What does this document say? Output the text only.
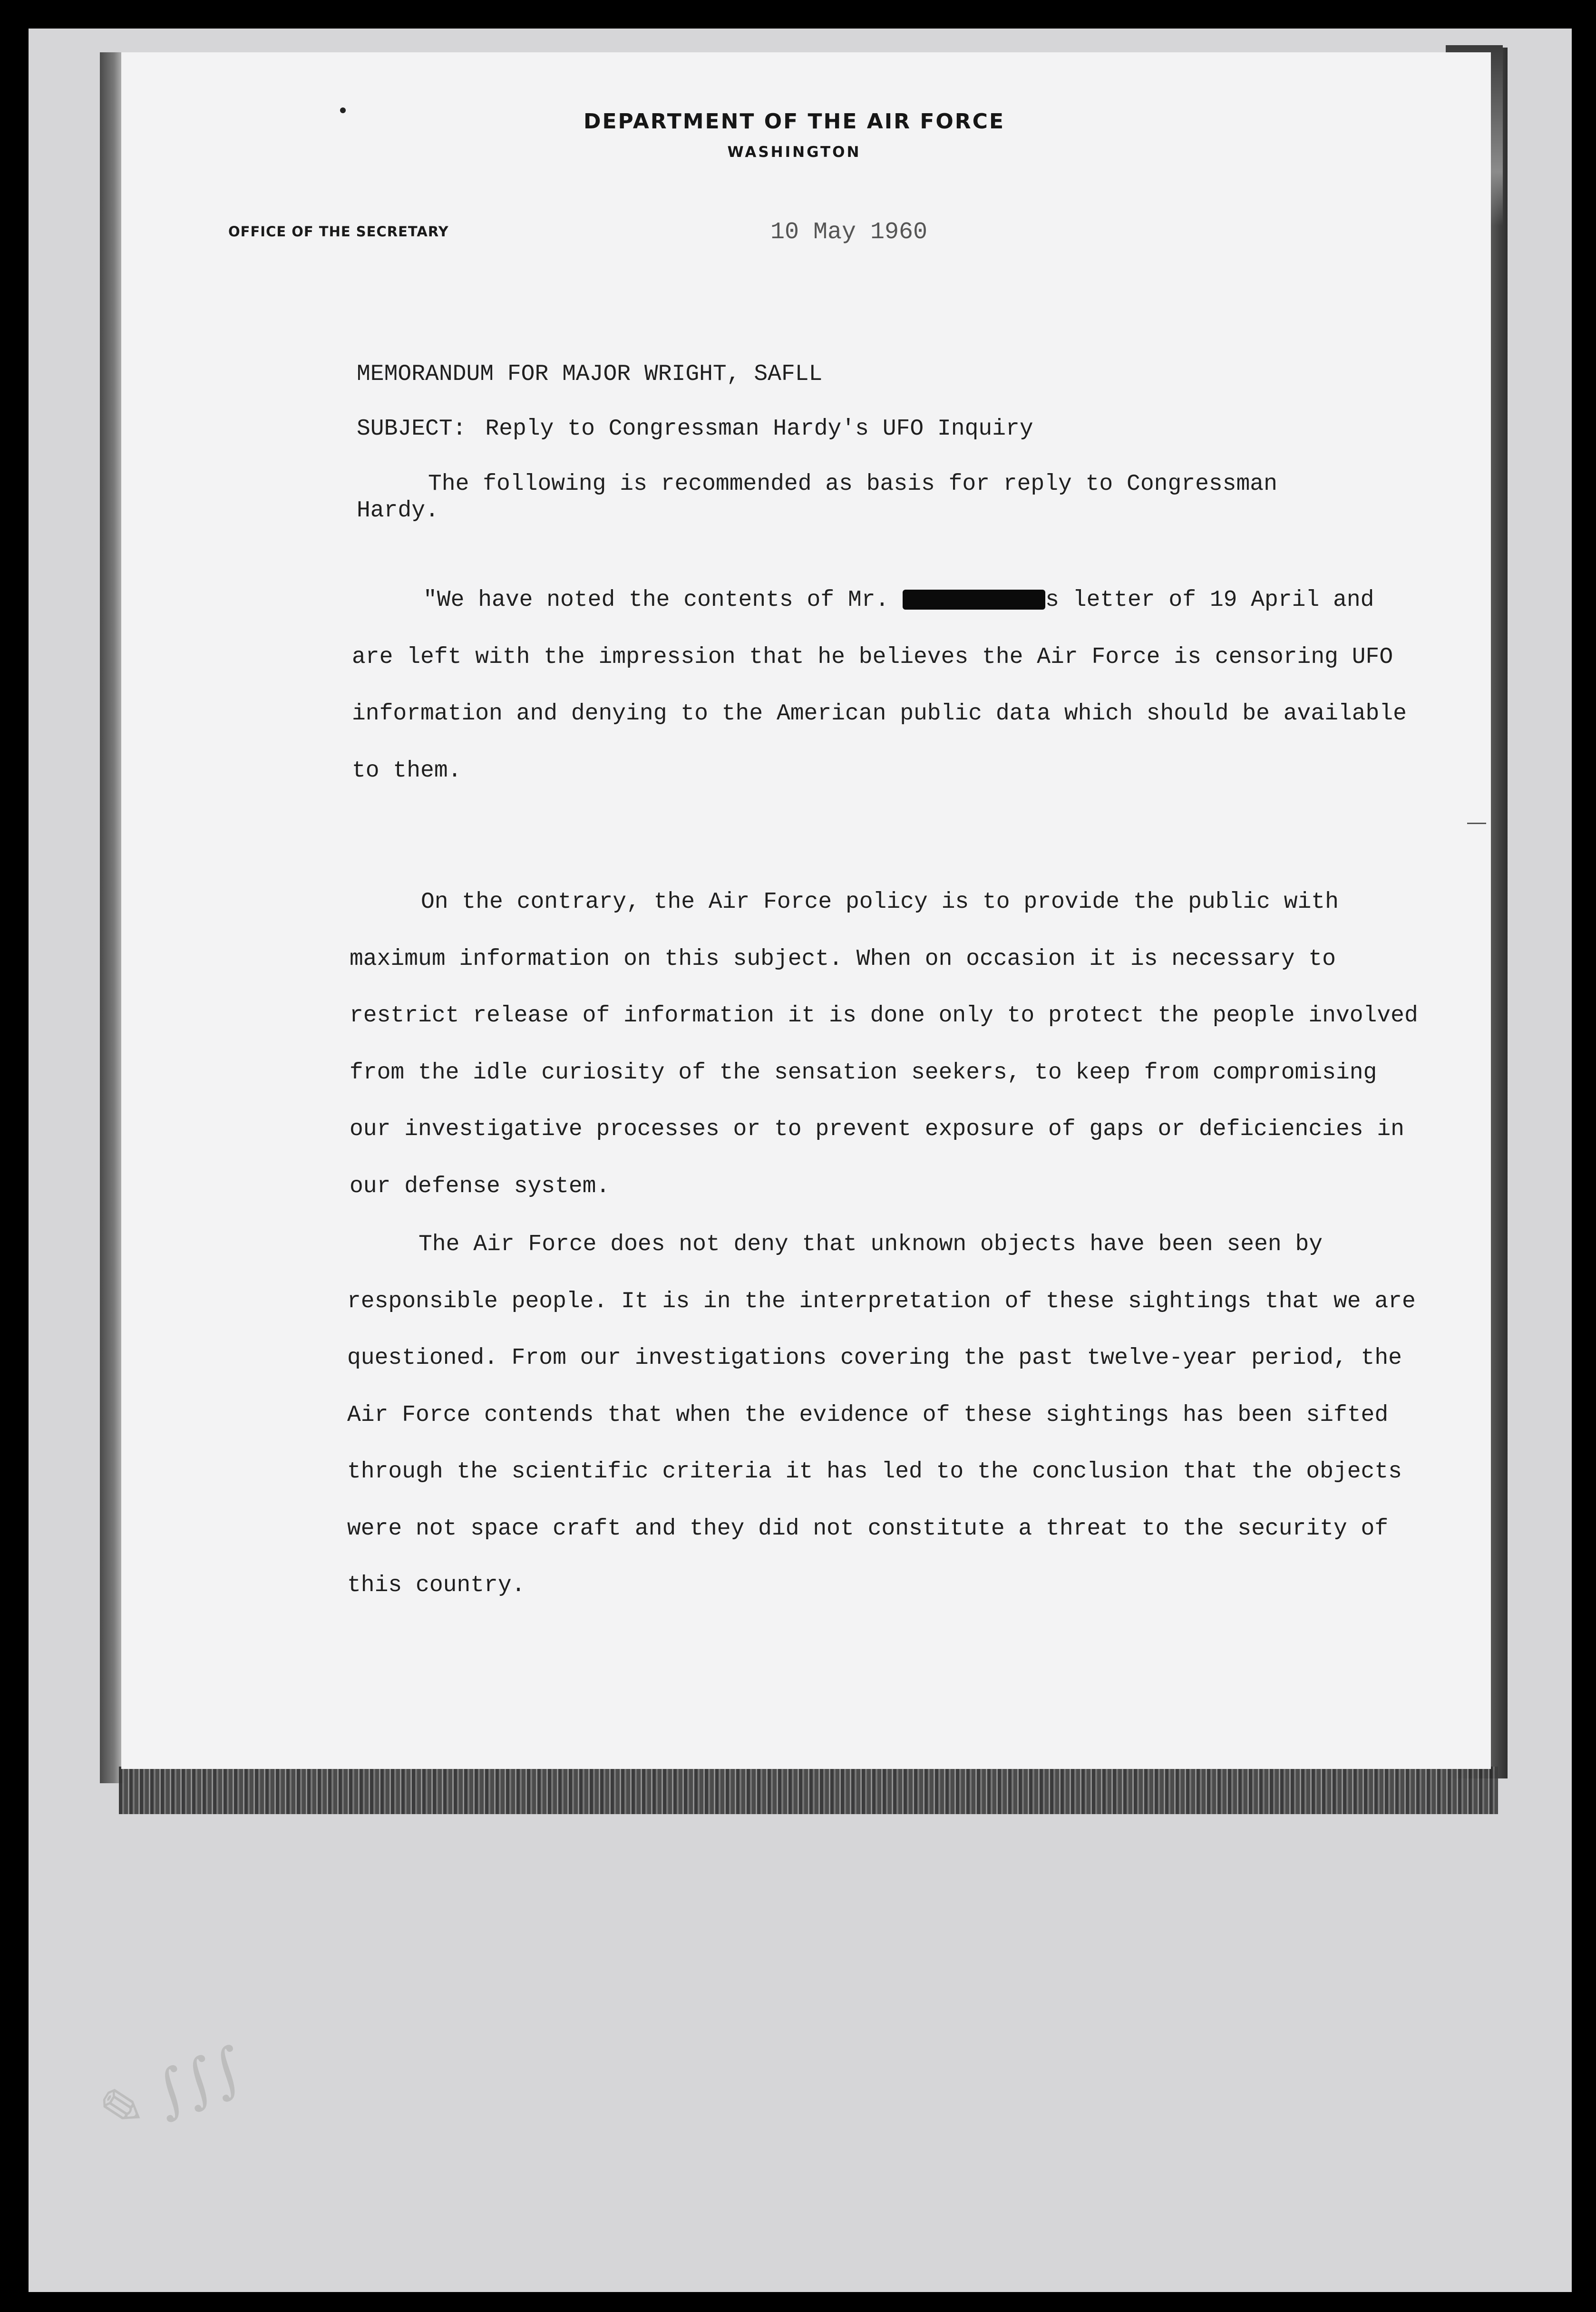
DEPARTMENT OF THE AIR FORCE

WASHINGTON

OFFICE OF THE SECRETARY	10 May 1960

MEMORANDUM FOR MAJOR WRIGHT, SAFLL

SUBJECT: Reply to Congressman Hardy's UFO Inquiry

The following is recommended as basis for reply to Congressman Hardy.

"We have noted the contents of Mr.	s letter of 19 April and are left with the impression that he believes the Air Force is censoring UFO information and denying to the American public data which should be available to them.

On the contrary, the Air Force policy is to provide the public with maximum information on this subject. When on occasion it is necessary to restrict release of information it is done only to protect the people involved from the idle curiosity of the sensation seekers, to keep from compromising our investigative processes or to prevent exposure of gaps or deficiencies in our defense system.

The Air Force does not deny that unknown objects have been seen by responsible people. It is in the interpretation of these sightings that we are questioned. From our investigations covering the past twelve-year period, the Air Force contends that when the evidence of these sightings has been sifted through the scientific criteria it has led to the conclusion that the objects were not space craft and they did not constitute a threat to the security of this country.

✎ ∫∫∫
